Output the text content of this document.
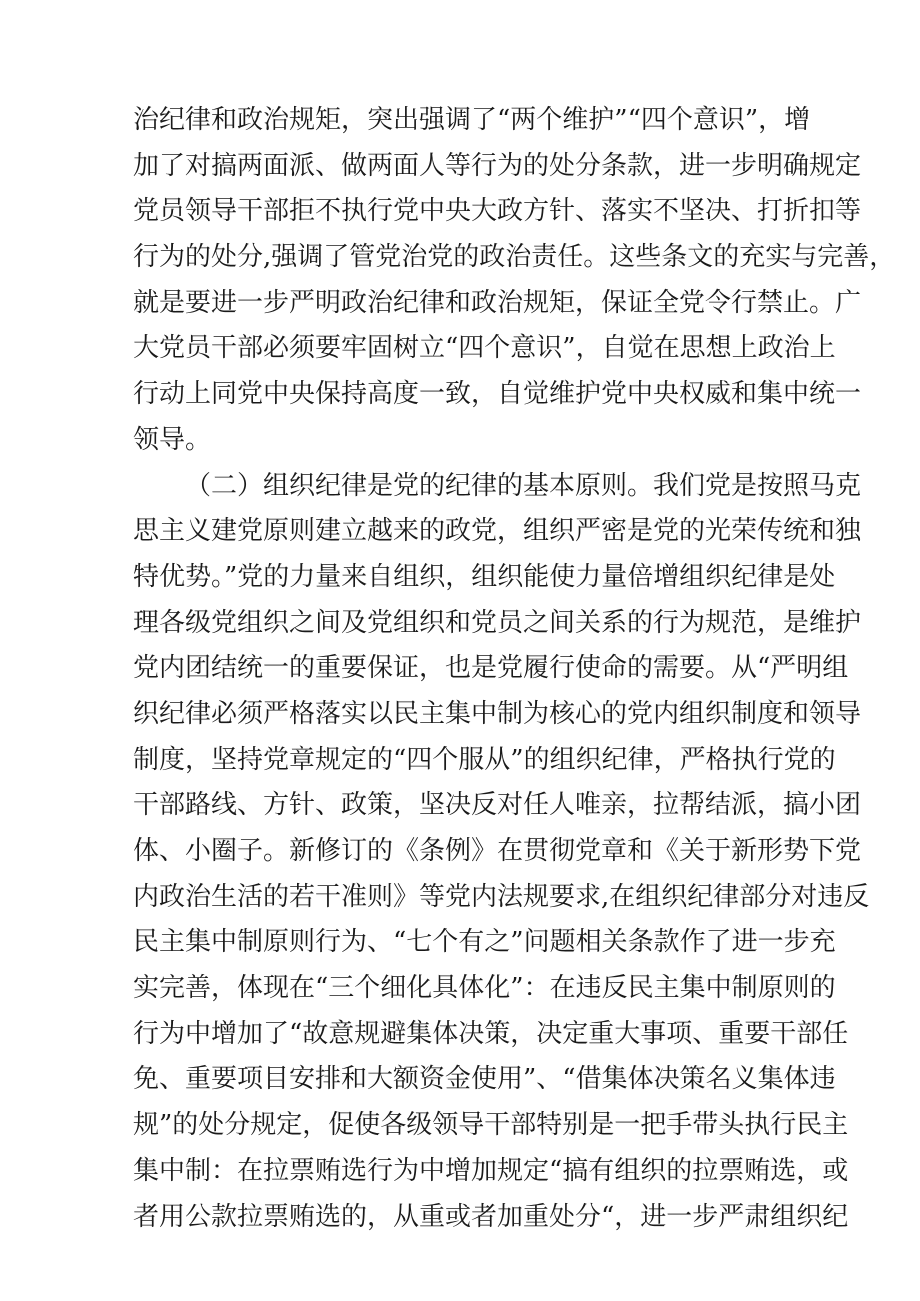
治纪律和政治规矩，突出强调了“两个维护”“四个意识”，增
加了对搞两面派、做两面人等行为的处分条款，进一步明确规定
党员领导干部拒不执行党中央大政方针、落实不坚决、打折扣等
行为的处分,强调了管党治党的政治责任。这些条文的充实与完善，
就是要进一步严明政治纪律和政治规矩，保证全党令行禁止。广
大党员干部必须要牢固树立“四个意识”，自觉在思想上政治上
行动上同党中央保持高度一致，自觉维护党中央权威和集中统一
领导。
（二）组织纪律是党的纪律的基本原则。我们党是按照马克
思主义建党原则建立越来的政党，组织严密是党的光荣传统和独
特优势。”党的力量来自组织，组织能使力量倍增组织纪律是处
理各级党组织之间及党组织和党员之间关系的行为规范，是维护
党内团结统一的重要保证，也是党履行使命的需要。从“严明组
织纪律必须严格落实以民主集中制为核心的党内组织制度和领导
制度，坚持党章规定的“四个服从”的组织纪律，严格执行党的
干部路线、方针、政策，坚决反对任人唯亲，拉帮结派，搞小团
体、小圈子。新修订的《条例》在贯彻党章和《关于新形势下党
内政治生活的若干准则》等党内法规要求,在组织纪律部分对违反
民主集中制原则行为、“七个有之”问题相关条款作了进一步充
实完善，体现在“三个细化具体化”：在违反民主集中制原则的
行为中增加了“故意规避集体决策，决定重大事项、重要干部任
免、重要项目安排和大额资金使用”、“借集体决策名义集体违
规”的处分规定，促使各级领导干部特别是一把手带头执行民主
集中制：在拉票贿选行为中增加规定“搞有组织的拉票贿选，或
者用公款拉票贿选的，从重或者加重处分“，进一步严肃组织纪
